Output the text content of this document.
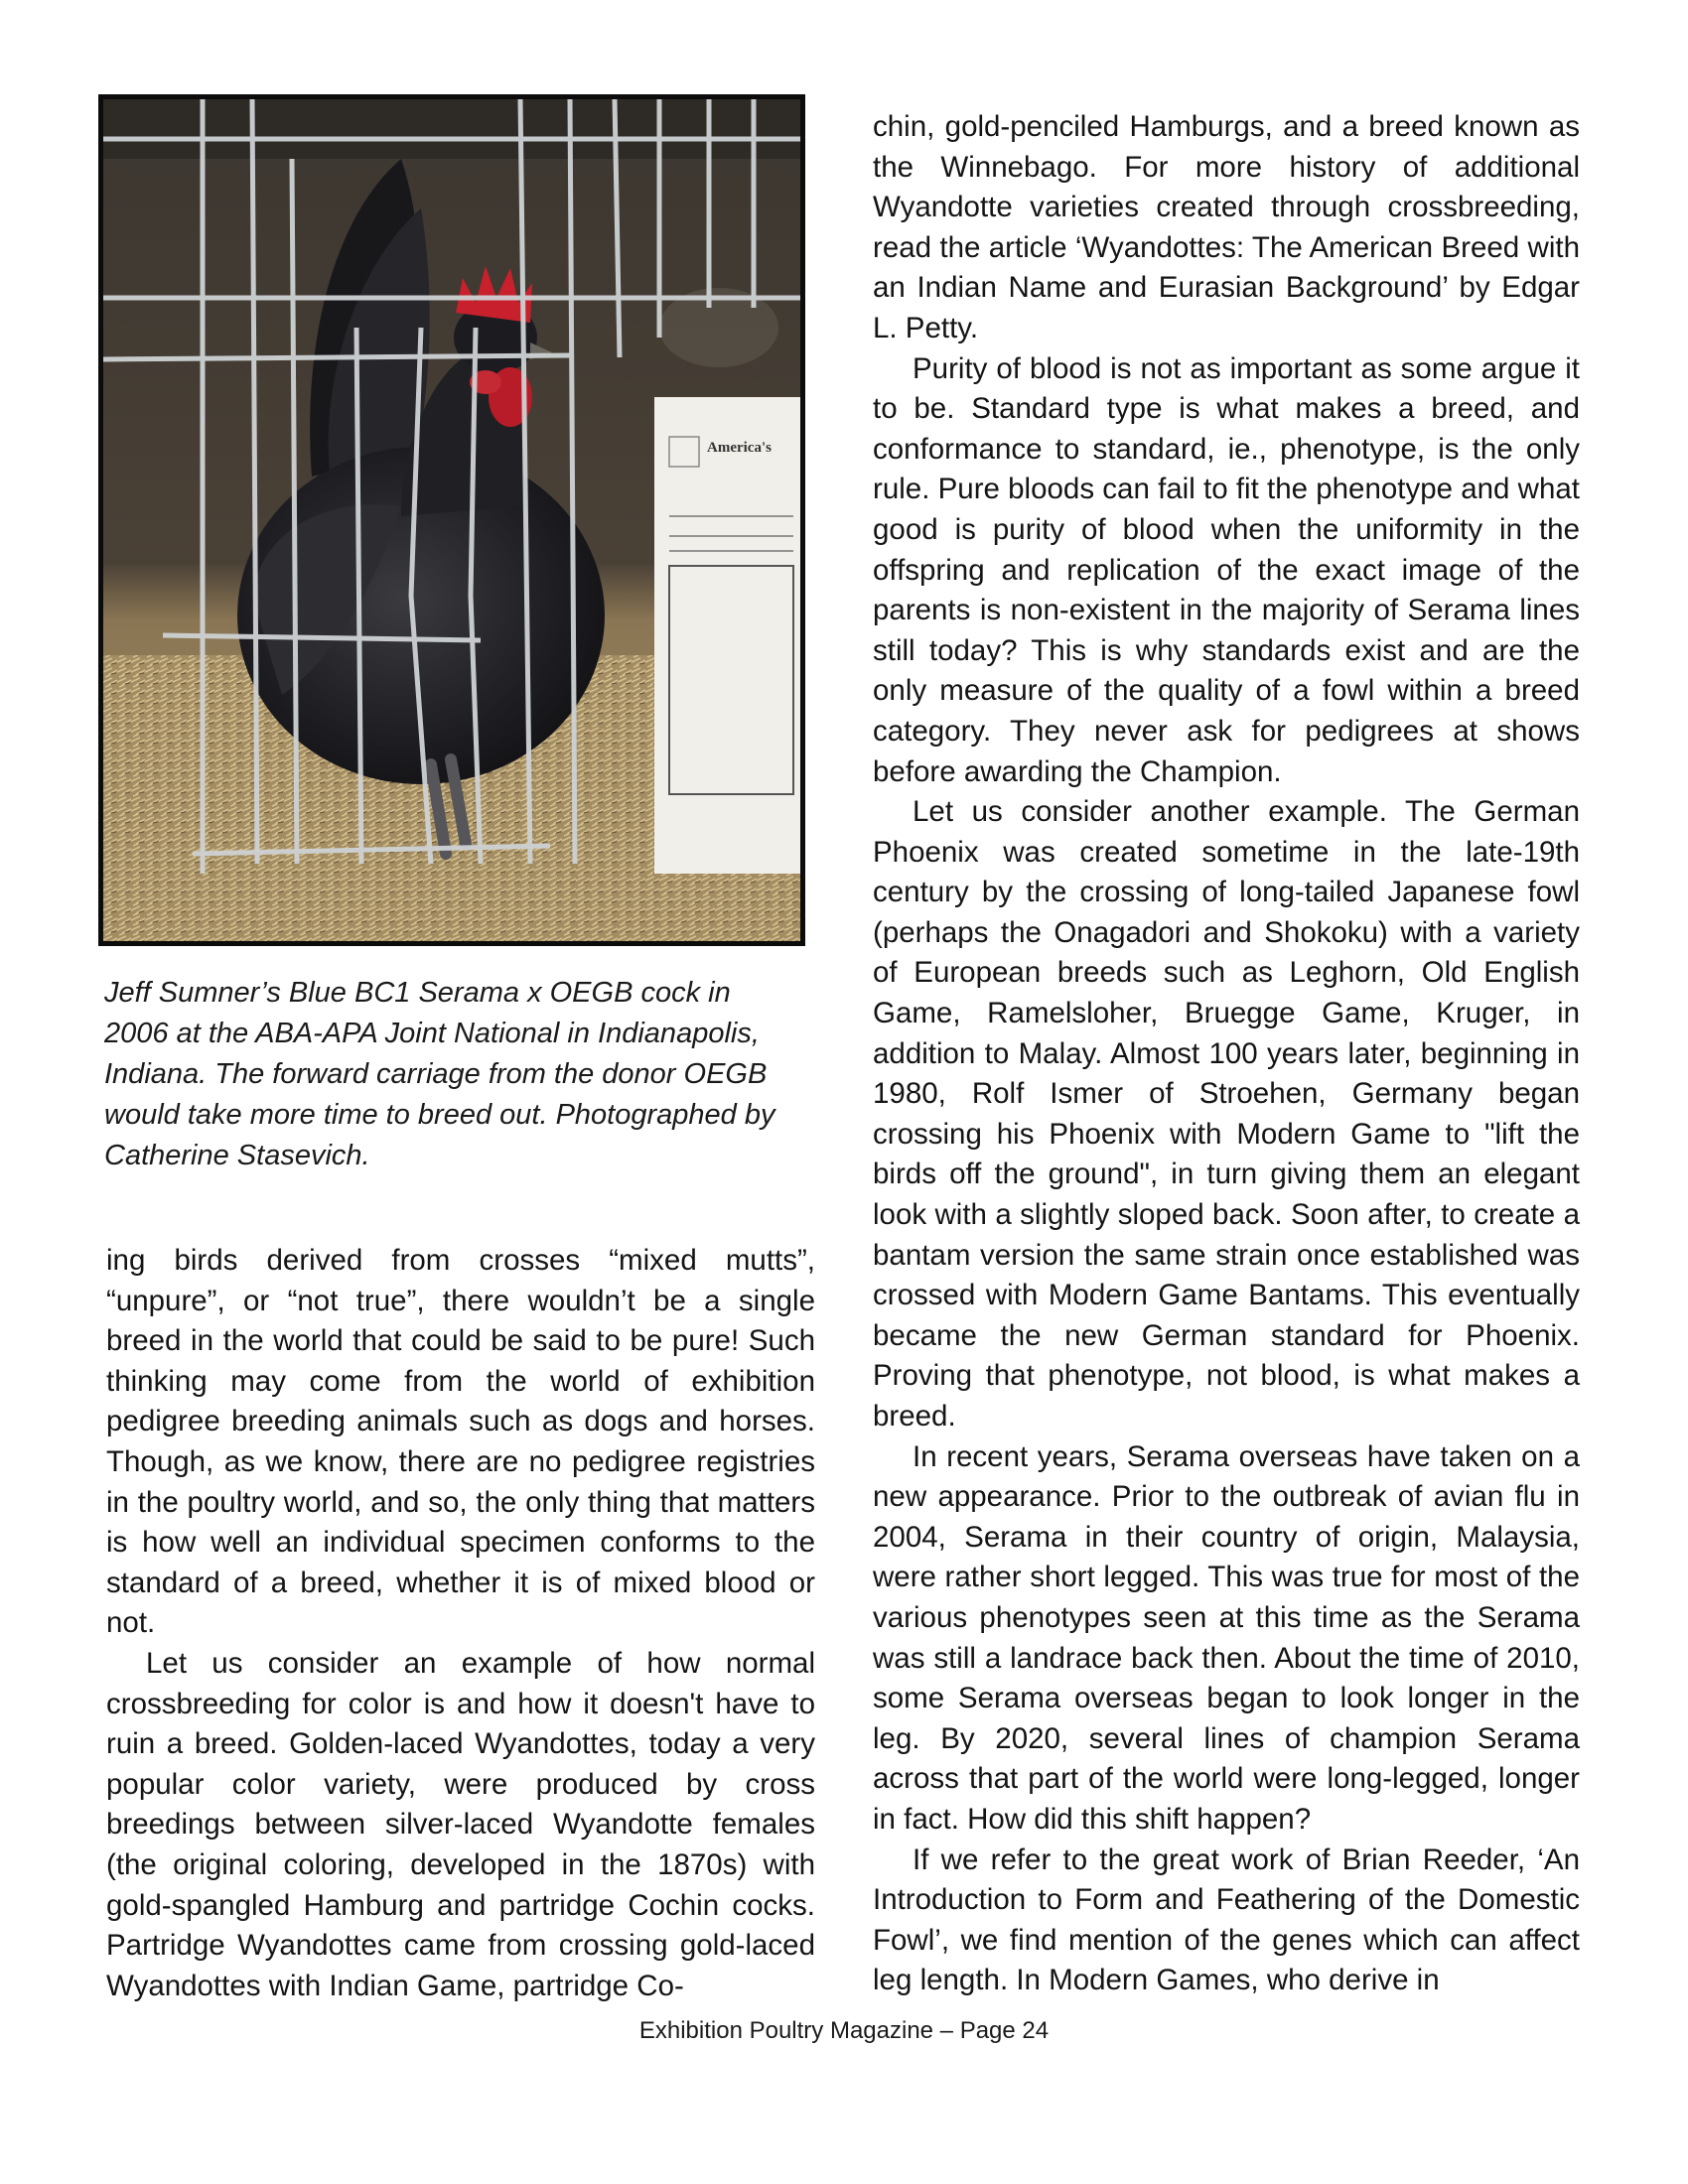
America's
Jeff Sumner’s Blue BC1 Serama x OEGB cock in 2006 at the ABA-APA Joint National in Indianapolis, Indiana. The forward carriage from the donor OEGB would take more time to breed out. Photographed by Catherine Stasevich.

ing birds derived from crosses “mixed mutts”, “unpure”, or “not true”, there wouldn’t be a single breed in the world that could be said to be pure! Such thinking may come from the world of exhibition pedigree breeding animals such as dogs and horses. Though, as we know, there are no pedigree registries in the poultry world, and so, the only thing that matters is how well an individual specimen conforms to the standard of a breed, whether it is of mixed blood or not.

Let us consider an example of how normal crossbreeding for color is and how it doesn't have to ruin a breed. Golden-laced Wyandottes, today a very popular color variety, were produced by cross breedings between silver-laced Wyandotte females (the original coloring, developed in the 1870s) with gold-spangled Hamburg and partridge Cochin cocks. Partridge Wyandottes came from crossing gold-laced Wyandottes with Indian Game, partridge Co-

chin, gold-penciled Hamburgs, and a breed known as the Winnebago. For more history of additional Wyandotte varieties created through crossbreeding, read the article ‘Wyandottes: The American Breed with an Indian Name and Eurasian Background’ by Edgar L. Petty.

Purity of blood is not as important as some argue it to be. Standard type is what makes a breed, and conformance to standard, ie., phenotype, is the only rule. Pure bloods can fail to fit the phenotype and what good is purity of blood when the uniformity in the offspring and replication of the exact image of the parents is non-existent in the majority of Serama lines still today? This is why standards exist and are the only measure of the quality of a fowl within a breed category. They never ask for pedigrees at shows before awarding the Champion.

Let us consider another example. The German Phoenix was created sometime in the late-19th century by the crossing of long-tailed Japanese fowl (perhaps the Onagadori and Shokoku) with a variety of European breeds such as Leghorn, Old English Game, Ramelsloher, Bruegge Game, Kruger, in addition to Malay. Almost 100 years later, beginning in 1980, Rolf Ismer of Stroehen, Germany began crossing his Phoenix with Modern Game to "lift the birds off the ground", in turn giving them an elegant look with a slightly sloped back. Soon after, to create a bantam version the same strain once established was crossed with Modern Game Bantams. This eventually became the new German standard for Phoenix. Proving that phenotype, not blood, is what makes a breed.

In recent years, Serama overseas have taken on a new appearance. Prior to the outbreak of avian flu in 2004, Serama in their country of origin, Malaysia, were rather short legged. This was true for most of the various phenotypes seen at this time as the Serama was still a landrace back then. About the time of 2010, some Serama overseas began to look longer in the leg. By 2020, several lines of champion Serama across that part of the world were long-legged, longer in fact. How did this shift happen?

If we refer to the great work of Brian Reeder, ‘An Introduction to Form and Feathering of the Domestic Fowl’, we find mention of the genes which can affect leg length. In Modern Games, who derive in

Exhibition Poultry Magazine – Page 24
